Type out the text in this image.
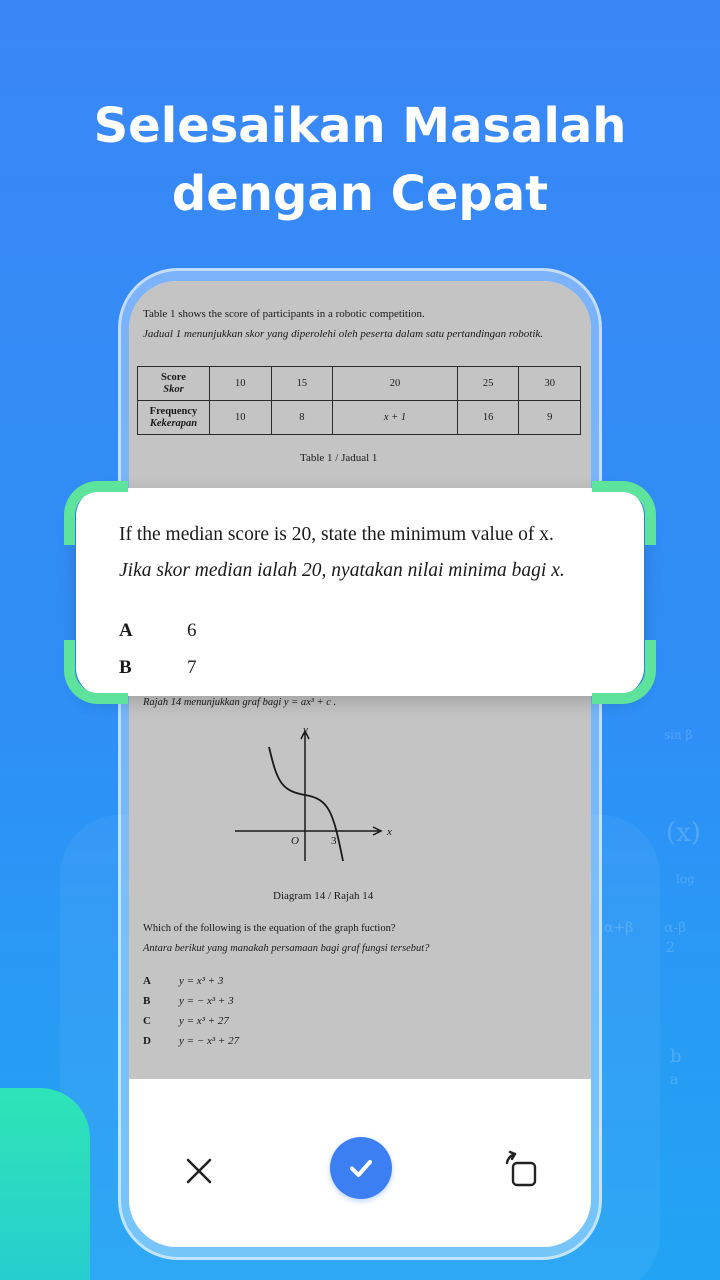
sin β
(x)
log
α+β α-β
2
b
a
Selesaikan Masalah
dengan Cepat
Table 1 shows the score of participants in a robotic competition.
Jadual 1 menunjukkan skor yang diperolehi oleh peserta dalam satu pertandingan robotik.
Score
Skor	10	15	20	25	30
Frequency
Kekerapan	10	8	x + 1	16	9
Table 1 / Jadual 1
Rajah 14 menunjukkan graf bagi y = ax³ + c .
y
x
O	3
Diagram 14 / Rajah 14
Which of the following is the equation of the graph fuction?
Antara berikut yang manakah persamaan bagi graf fungsi tersebut?
A	y = x³ + 3
B	y = − x³ + 3
C	y = x³ + 27
D	y = − x³ + 27
If the median score is 20, state the minimum value of x.
Jika skor median ialah 20, nyatakan nilai minima bagi x.
A	6
B	7
